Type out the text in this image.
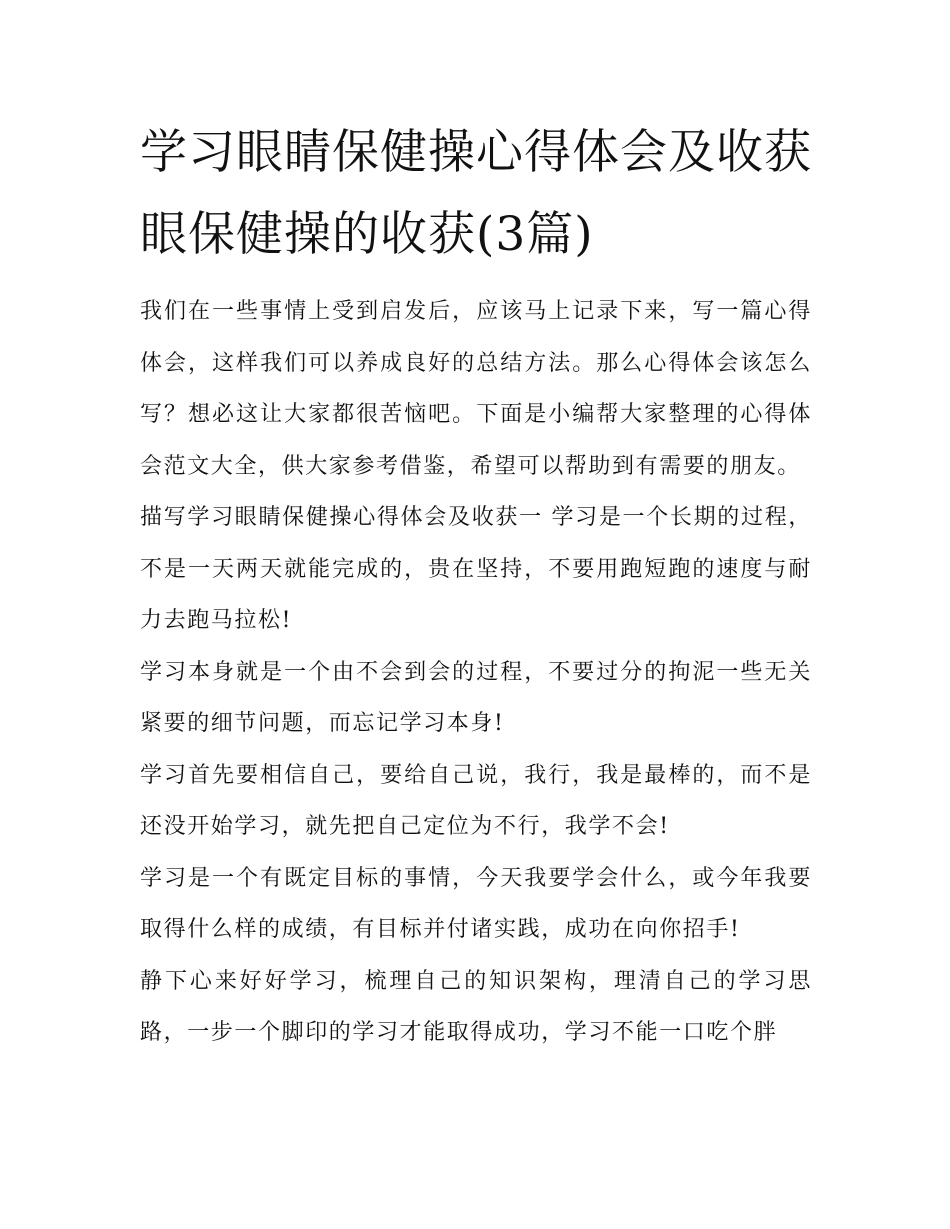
学习眼睛保健操心得体会及收获 眼保健操的收获(3篇)

我们在一些事情上受到启发后，应该马上记录下来，写一篇心得体会，这样我们可以养成良好的总结方法。那么心得体会该怎么写？想必这让大家都很苦恼吧。下面是小编帮大家整理的心得体会范文大全，供大家参考借鉴，希望可以帮助到有需要的朋友。

描写学习眼睛保健操心得体会及收获一 学习是一个长期的过程，不是一天两天就能完成的，贵在坚持，不要用跑短跑的速度与耐力去跑马拉松!

学习本身就是一个由不会到会的过程，不要过分的拘泥一些无关紧要的细节问题，而忘记学习本身!

学习首先要相信自己，要给自己说，我行，我是最棒的，而不是还没开始学习，就先把自己定位为不行，我学不会!

学习是一个有既定目标的事情，今天我要学会什么，或今年我要取得什么样的成绩，有目标并付诸实践，成功在向你招手!

静下心来好好学习，梳理自己的知识架构，理清自己的学习思路，一步一个脚印的学习才能取得成功，学习不能一口吃个胖
